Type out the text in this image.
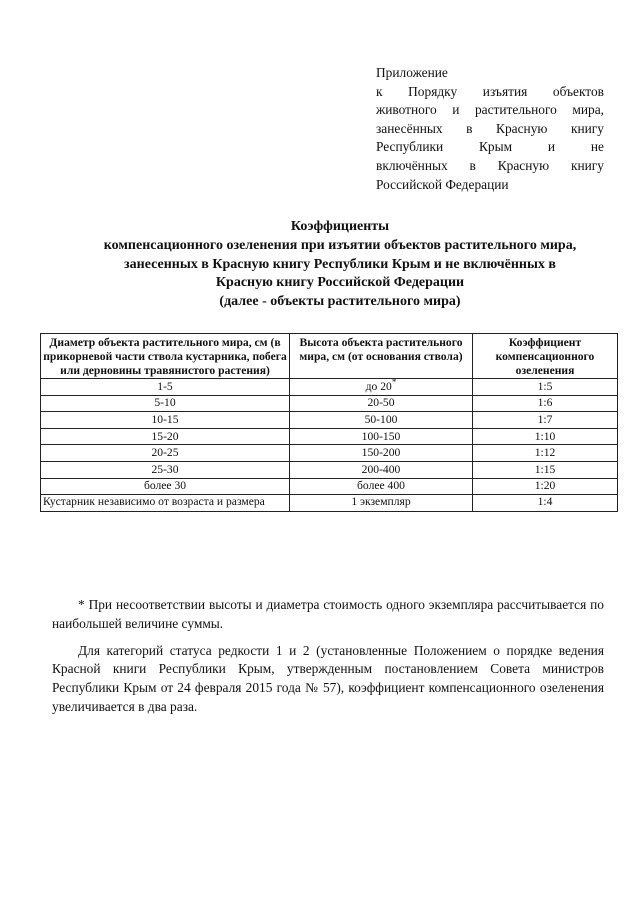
Приложение
к Порядку изъятия объектов
животного и растительного мира,
занесённых в Красную книгу
Республики Крым и не
включённых в Красную книгу
Российской Федерации
Коэффициенты
компенсационного озеленения при изъятии объектов растительного мира,
занесенных в Красную книгу Республики Крым и не включённых в
Красную книгу Российской Федерации
(далее - объекты растительного мира)
Диаметр объекта растительного мира, см (в прикорневой части ствола кустарника, побега или дерновины травянистого растения)	Высота объекта растительного мира, см (от основания ствола)	Коэффициент компенсационного озеленения
1-5	до 20*	1:5
5-10	20-50	1:6
10-15	50-100	1:7
15-20	100-150	1:10
20-25	150-200	1:12
25-30	200-400	1:15
более 30	более 400	1:20
Кустарник независимо от возраста и размера	1 экземпляр	1:4

* При несоответствии высоты и диаметра стоимость одного экземпляра рассчитывается по наибольшей величине суммы.

Для категорий статуса редкости 1 и 2 (установленные Положением о порядке ведения Красной книги Республики Крым, утвержденным постановлением Совета министров Республики Крым от 24 февраля 2015 года № 57), коэффициент компенсационного озеленения увеличивается в два раза.
